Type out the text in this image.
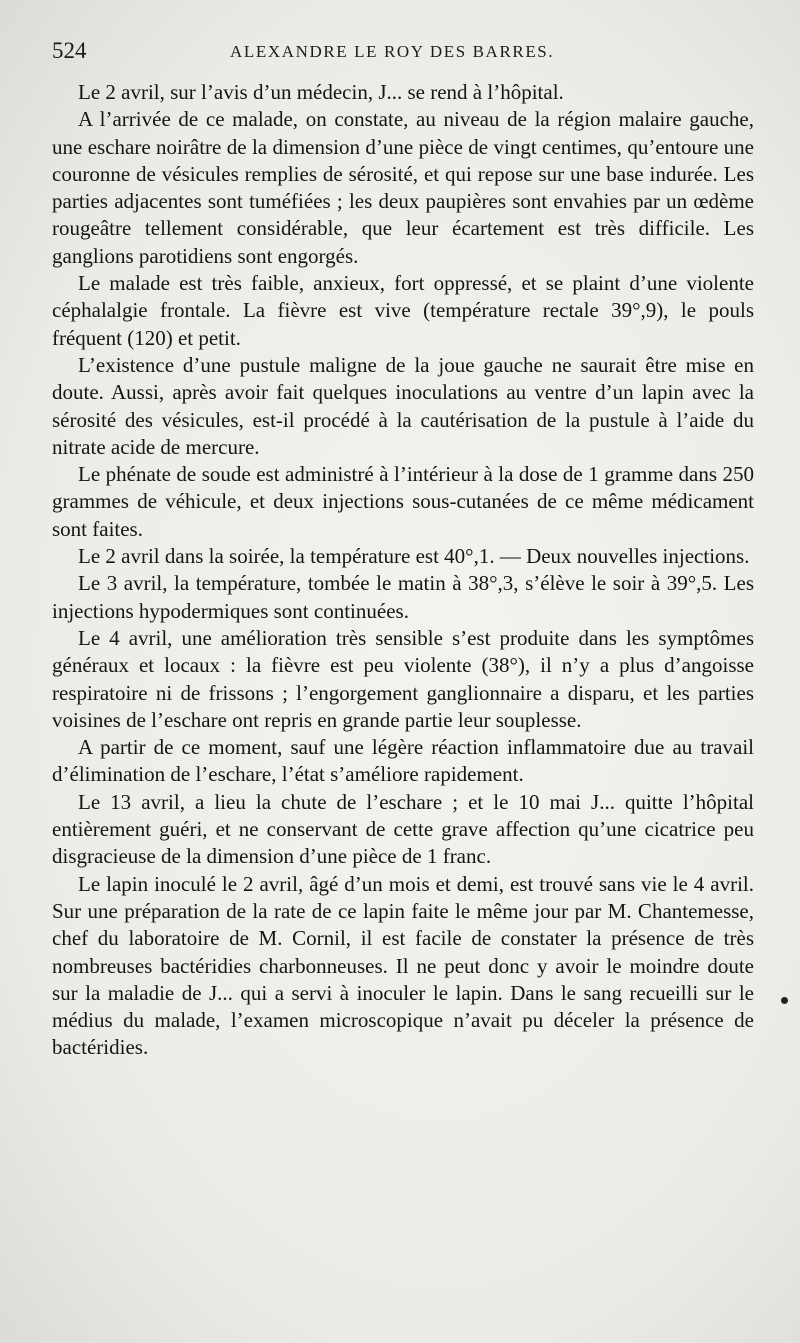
524	ALEXANDRE LE ROY DES BARRES.

Le 2 avril, sur l’avis d’un médecin, J... se rend à l’hôpital.

A l’arrivée de ce malade, on constate, au niveau de la région malaire gauche, une eschare noirâtre de la dimension d’une pièce de vingt centimes, qu’entoure une couronne de vésicules remplies de sérosité, et qui repose sur une base indurée. Les parties adjacentes sont tuméfiées ; les deux paupières sont envahies par un œdème rougeâtre tellement considérable, que leur écartement est très difficile. Les ganglions parotidiens sont engorgés.

Le malade est très faible, anxieux, fort oppressé, et se plaint d’une violente céphalalgie frontale. La fièvre est vive (température rectale 39°,9), le pouls fréquent (120) et petit.

L’existence d’une pustule maligne de la joue gauche ne saurait être mise en doute. Aussi, après avoir fait quelques inoculations au ventre d’un lapin avec la sérosité des vésicules, est-il procédé à la cautérisation de la pustule à l’aide du nitrate acide de mercure.

Le phénate de soude est administré à l’intérieur à la dose de 1 gramme dans 250 grammes de véhicule, et deux injections sous-cutanées de ce même médicament sont faites.

Le 2 avril dans la soirée, la température est 40°,1. — Deux nouvelles injections.

Le 3 avril, la température, tombée le matin à 38°,3, s’élève le soir à 39°,5. Les injections hypodermiques sont continuées.

Le 4 avril, une amélioration très sensible s’est produite dans les symptômes généraux et locaux : la fièvre est peu violente (38°), il n’y a plus d’angoisse respiratoire ni de frissons ; l’engorgement ganglionnaire a disparu, et les parties voisines de l’eschare ont repris en grande partie leur souplesse.

A partir de ce moment, sauf une légère réaction inflammatoire due au travail d’élimination de l’eschare, l’état s’améliore rapidement.

Le 13 avril, a lieu la chute de l’eschare ; et le 10 mai J... quitte l’hôpital entièrement guéri, et ne conservant de cette grave affection qu’une cicatrice peu disgracieuse de la dimension d’une pièce de 1 franc.

Le lapin inoculé le 2 avril, âgé d’un mois et demi, est trouvé sans vie le 4 avril. Sur une préparation de la rate de ce lapin faite le même jour par M. Chantemesse, chef du laboratoire de M. Cornil, il est facile de constater la présence de très nombreuses bactéridies charbonneuses. Il ne peut donc y avoir le moindre doute sur la maladie de J... qui a servi à inoculer le lapin. Dans le sang recueilli sur le médius du malade, l’examen microscopique n’avait pu déceler la présence de bactéridies.
